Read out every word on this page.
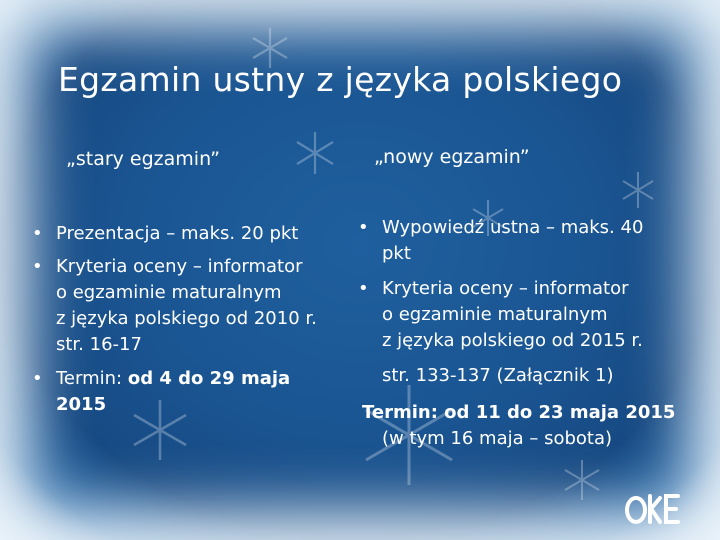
Egzamin ustny z języka polskiego
„stary egzamin”
• Prezentacja – maks. 20 pkt
• Kryteria oceny – informator
o egzaminie maturalnym
z języka polskiego od 2010 r.
str. 16-17
• Termin: od 4 do 29 maja
2015
„nowy egzamin”
• Wypowiedź ustna – maks. 40
pkt
• Kryteria oceny – informator
o egzaminie maturalnym
z języka polskiego od 2015 r.
str. 133-137 (Załącznik 1)
Termin: od 11 do 23 maja 2015
(w tym 16 maja – sobota)
